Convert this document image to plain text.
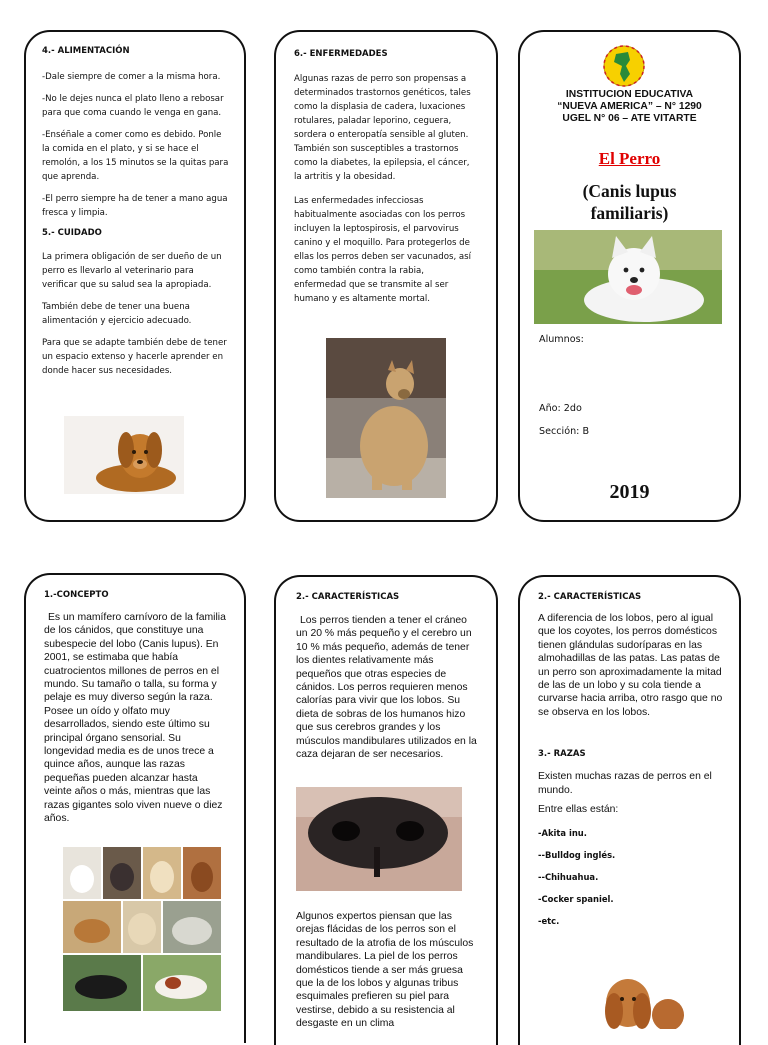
4.- ALIMENTACIÓN

-Dale siempre de comer a la misma hora.

-No le dejes nunca el plato lleno a rebosar para que coma cuando le venga en gana.

-Enséñale a comer como es debido. Ponle la comida en el plato, y si se hace el remolón, a los 15 minutos se la quitas para que aprenda.

-El perro siempre ha de tener a mano agua fresca y limpia.

5.- CUIDADO

La primera obligación de ser dueño de un perro es llevarlo al veterinario para verificar que su salud sea la apropiada.

También debe de tener una buena alimentación y ejercicio adecuado.

Para que se adapte también debe de tener un espacio extenso y hacerle aprender en donde hacer sus necesidades.

6.- ENFERMEDADES

Algunas razas de perro son propensas a determinados trastornos genéticos, tales como la displasia de cadera, luxaciones rotulares, paladar leporino, ceguera, sordera o enteropatía sensible al gluten. También son susceptibles a trastornos como la diabetes, la epilepsia, el cáncer, la artritis y la obesidad.

Las enfermedades infecciosas habitualmente asociadas con los perros incluyen la leptospirosis, el parvovirus canino y el moquillo. Para protegerlos de ellas los perros deben ser vacunados, así como también contra la rabia, enfermedad que se transmite al ser humano y es altamente mortal.

INSTITUCION EDUCATIVA
“NUEVA AMERICA” – N° 1290
UGEL N° 06 – ATE VITARTE
El Perro
(Canis lupus familiaris)
Alumnos:
Año: 2do
Sección: B
2019
1.-CONCEPTO

Es un mamífero carnívoro de la familia de los cánidos, que constituye una subespecie del lobo (Canis lupus). En 2001, se estimaba que había cuatrocientos millones de perros en el mundo. Su tamaño o talla, su forma y pelaje es muy diverso según la raza. Posee un oído y olfato muy desarrollados, siendo este último su principal órgano sensorial. Su longevidad media es de unos trece a quince años, aunque las razas pequeñas pueden alcanzar hasta veinte años o más, mientras que las razas gigantes solo viven nueve o diez años.

2.- CARACTERÍSTICAS

Los perros tienden a tener el cráneo un 20 % más pequeño y el cerebro un 10 % más pequeño, además de tener los dientes relativamente más pequeños que otras especies de cánidos. Los perros requieren menos calorías para vivir que los lobos. Su dieta de sobras de los humanos hizo que sus cerebros grandes y los músculos mandibulares utilizados en la caza dejaran de ser necesarios.

Algunos expertos piensan que las orejas flácidas de los perros son el resultado de la atrofia de los músculos mandibulares. La piel de los perros domésticos tiende a ser más gruesa que la de los lobos y algunas tribus esquimales prefieren su piel para vestirse, debido a su resistencia al desgaste en un clima

2.- CARACTERÍSTICAS

A diferencia de los lobos, pero al igual que los coyotes, los perros domésticos tienen glándulas sudoríparas en las almohadillas de las patas. Las patas de un perro son aproximadamente la mitad de las de un lobo y su cola tiende a curvarse hacia arriba, otro rasgo que no se observa en los lobos.

3.- RAZAS

Existen muchas razas de perros en el mundo.

Entre ellas están:

-Akita inu.
--Bulldog inglés.
--Chihuahua.
-Cocker spaniel.
-etc.
